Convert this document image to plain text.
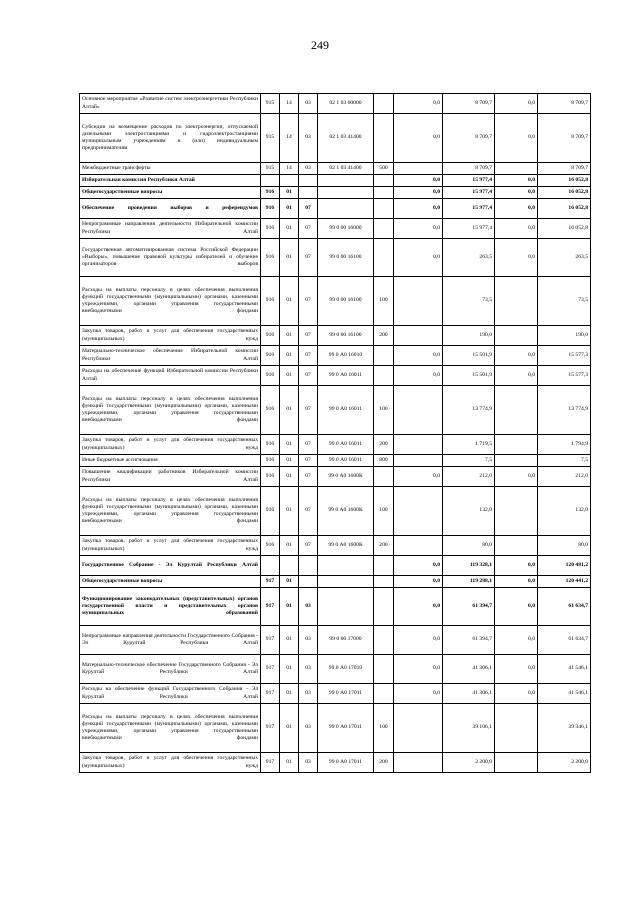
249
Основное мероприятие «Развитие систем электроэнергетики Республики Алтай»	915	14	03	02 1 03 00000		0,0	8 709,7	0,0	8 709,7
Субсидии на возмещение расходов по электроэнергии, отпускаемой дизельными электростанциями и гидроэлектростанциями муниципальным учреждениям и (или) индивидуальным предпринимателям	915	14	03	02 1 03 41400		0,0	8 709,7	0,0	8 709,7
Межбюджетные трансферты	915	14	03	02 1 03 41400	500		8 709,7		8 709,7
Избирательная комиссия Республики Алтай						0,0	15 977,4	0,0	16 052,8
Общегосударственные вопросы	916	01				0,0	15 977,4	0,0	16 052,8
Обеспечение проведения выборов и референдумов	916	01	07			0,0	15 977,4	0,0	16 052,8
Непрограммные направления деятельности Избирательной комиссии Республики Алтай	916	01	07	99 0 00 16000		0,0	15 977,4	0,0	16 052,8
Государственная автоматизированная система Российской Федерации «Выборы», повышение правовой культуры избирателей и обучение организаторов выборов	916	01	07	99 0 00 16100		0,0	263,5	0,0	263,5
Расходы на выплаты персоналу в целях обеспечения выполнения функций государственными (муниципальными) органами, казенными учреждениями, органами управления государственными внебюджетными фондами	916	01	07	99 0 00 16100	100		73,5		73,5
Закупка товаров, работ и услуг для обеспечения государственных (муниципальных) нужд	916	01	07	99 0 00 16100	200		190,0		190,0
Материально-техническое обеспечение Избирательной комиссии Республики Алтай	916	01	07	99 0 А0 16010		0,0	15 501,9	0,0	15 577,3
Расходы на обеспечение функций Избирательной комиссии Республики Алтай	916	01	07	99 0 А0 16011		0,0	15 501,9	0,0	15 577,3
Расходы на выплаты персоналу в целях обеспечения выполнения функций государственными (муниципальными) органами, казенными учреждениями, органами управления государственными внебюджетными фондами	916	01	07	99 0 А0 16011	100		13 774,9		13 774,9
Закупка товаров, работ и услуг для обеспечения государственных (муниципальных) нужд	916	01	07	99 0 А0 16011	200		1 719,5		1 794,9
Иные бюджетные ассигнования	916	01	07	99 0 А0 16011	800		7,5		7,5
Повышение квалификации работников Избирательной комиссии Республики Алтай	916	01	07	99 0 А0 1600К		0,0	212,0	0,0	212,0
Расходы на выплаты персоналу в целях обеспечения выполнения функций государственными (муниципальными) органами, казенными учреждениями, органами управления государственными внебюджетными фондами	916	01	07	99 0 А0 1600К	100		132,0		132,0
Закупка товаров, работ и услуг для обеспечения государственных (муниципальных) нужд	916	01	07	99 0 А0 1600К	200		80,0		80,0
Государственное Собрание - Эл Курултай Республики Алтай						0,0	119 328,1	0,0	120 481,2
Общегосударственные вопросы	917	01				0,0	119 288,1	0,0	120 441,2
Функционирование законодательных (представительных) органов государственной власти и представительных органов муниципальных образований	917	01	03			0,0	61 394,7	0,0	61 634,7
Непрограммные направления деятельности Государственного Собрания - Эл Курултай Республики Алтай	917	01	03	99 0 00 17000		0,0	61 394,7	0,0	61 634,7
Материально-техническое обеспечение Государственного Собрания - Эл Курултай Республики Алтай	917	01	03	99 0 А0 17010		0,0	41 306,1	0,0	41 546,1
Расходы на обеспечение функций Государственного Собрания - Эл Курултай Республики Алтай	917	01	03	99 0 А0 17011		0,0	41 306,1	0,0	41 546,1
Расходы на выплаты персоналу в целях обеспечения выполнения функций государственными (муниципальными) органами, казенными учреждениями, органами управления государственными внебюджетными фондами	917	01	03	99 0 А0 17011	100		39 106,1		39 346,1
Закупка товаров, работ и услуг для обеспечения государственных (муниципальных) нужд	917	01	03	99 0 А0 17011	200		2 200,0		2 200,0
